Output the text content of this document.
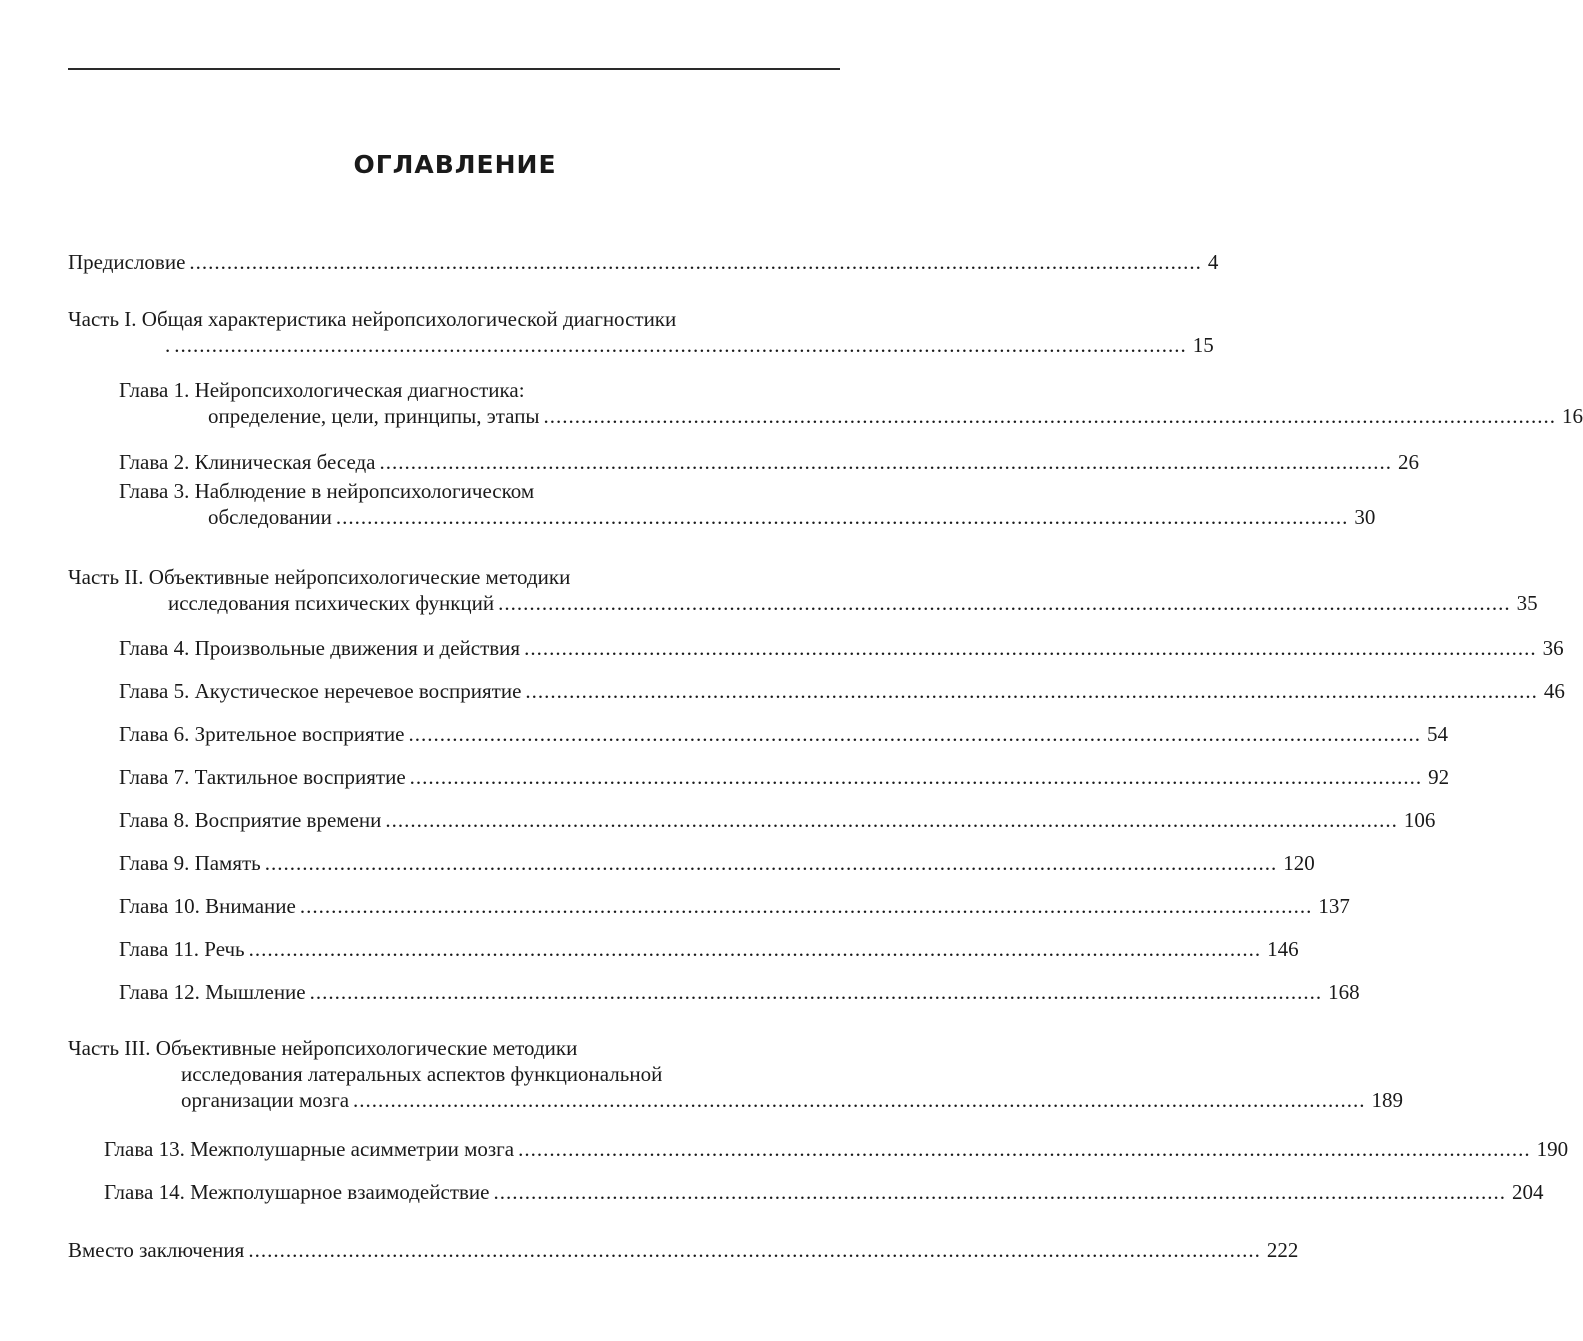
ОГЛАВЛЕНИЕ
Предисловие .................................................................................................................................................................. 4
Часть I. Общая характеристика нейропсихологической диагностики
. .................................................................................................................................................................. 15
Глава 1. Нейропсихологическая диагностика:
определение, цели, принципы, этапы .................................................................................................................................................................. 16
Глава 2. Клиническая беседа .................................................................................................................................................................. 26
Глава 3. Наблюдение в нейропсихологическом
обследовании .................................................................................................................................................................. 30
Часть II. Объективные нейропсихологические методики
исследования психических функций .................................................................................................................................................................. 35
Глава 4. Произвольные движения и действия .................................................................................................................................................................. 36
Глава 5. Акустическое неречевое восприятие .................................................................................................................................................................. 46
Глава 6. Зрительное восприятие .................................................................................................................................................................. 54
Глава 7. Тактильное восприятие .................................................................................................................................................................. 92
Глава 8. Восприятие времени .................................................................................................................................................................. 106
Глава 9. Память .................................................................................................................................................................. 120
Глава 10. Внимание .................................................................................................................................................................. 137
Глава 11. Речь .................................................................................................................................................................. 146
Глава 12. Мышление .................................................................................................................................................................. 168
Часть III. Объективные нейропсихологические методики
исследования латеральных аспектов функциональной
организации мозга .................................................................................................................................................................. 189
Глава 13. Межполушарные асимметрии мозга .................................................................................................................................................................. 190
Глава 14. Межполушарное взаимодействие .................................................................................................................................................................. 204
Вместо заключения .................................................................................................................................................................. 222
